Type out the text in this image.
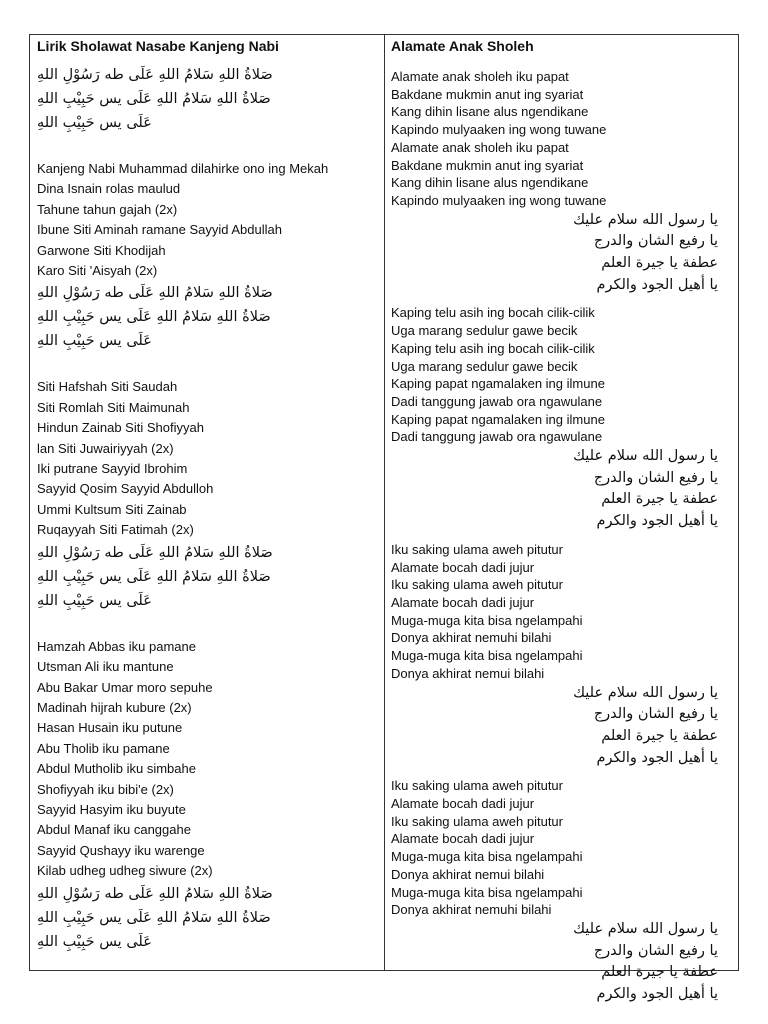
Lirik Sholawat Nasabe Kanjeng Nabi
صَلاةُ اللهِ سَلامُ اللهِ عَلَى طه رَسُوْلِ اللهِ
صَلاةُ اللهِ سَلامُ اللهِ عَلَى يس حَبِيْبِ اللهِ
عَلَى يس حَبِيْبِ اللهِ
Kanjeng Nabi Muhammad dilahirke ono ing Mekah
Dina Isnain rolas maulud
Tahune tahun gajah (2x)
Ibune Siti Aminah ramane Sayyid Abdullah
Garwone Siti Khodijah
Karo Siti 'Aisyah (2x)
صَلاةُ اللهِ سَلامُ اللهِ عَلَى طه رَسُوْلِ اللهِ
صَلاةُ اللهِ سَلامُ اللهِ عَلَى يس حَبِيْبِ اللهِ
عَلَى يس حَبِيْبِ اللهِ
Siti Hafshah Siti Saudah
Siti Romlah Siti Maimunah
Hindun Zainab Siti Shofiyyah
lan Siti Juwairiyyah (2x)
Iki putrane Sayyid Ibrohim
Sayyid Qosim Sayyid Abdulloh
Ummi Kultsum Siti Zainab
Ruqayyah Siti Fatimah (2x)
صَلاةُ اللهِ سَلامُ اللهِ عَلَى طه رَسُوْلِ اللهِ
صَلاةُ اللهِ سَلامُ اللهِ عَلَى يس حَبِيْبِ اللهِ
عَلَى يس حَبِيْبِ اللهِ
Hamzah Abbas iku pamane
Utsman Ali iku mantune
Abu Bakar Umar moro sepuhe
Madinah hijrah kubure (2x)
Hasan Husain iku putune
Abu Tholib iku pamane
Abdul Mutholib iku simbahe
Shofiyyah iku bibi'e (2x)
Sayyid Hasyim iku buyute
Abdul Manaf iku canggahe
Sayyid Qushayy iku warenge
Kilab udheg udheg siwure (2x)
صَلاةُ اللهِ سَلامُ اللهِ عَلَى طه رَسُوْلِ اللهِ
صَلاةُ اللهِ سَلامُ اللهِ عَلَى يس حَبِيْبِ اللهِ
عَلَى يس حَبِيْبِ اللهِ
Alamate Anak Sholeh
Alamate anak sholeh iku papat
Bakdane mukmin anut ing syariat
Kang dihin lisane alus ngendikane
Kapindo mulyaaken ing wong tuwane
Alamate anak sholeh iku papat
Bakdane mukmin anut ing syariat
Kang dihin lisane alus ngendikane
Kapindo mulyaaken ing wong tuwane
يا رسول الله سلام عليك
يا رفيع الشان والدرج
عطفة يا جيرة العلم
يا أهيل الجود والكرم
Kaping telu asih ing bocah cilik-cilik
Uga marang sedulur gawe becik
Kaping telu asih ing bocah cilik-cilik
Uga marang sedulur gawe becik
Kaping papat ngamalaken ing ilmune
Dadi tanggung jawab ora ngawulane
Kaping papat ngamalaken ing ilmune
Dadi tanggung jawab ora ngawulane
يا رسول الله سلام عليك
يا رفيع الشان والدرج
عطفة يا جيرة العلم
يا أهيل الجود والكرم
Iku saking ulama aweh pitutur
Alamate bocah dadi jujur
Iku saking ulama aweh pitutur
Alamate bocah dadi jujur
Muga-muga kita bisa ngelampahi
Donya akhirat nemuhi bilahi
Muga-muga kita bisa ngelampahi
Donya akhirat nemui bilahi
يا رسول الله سلام عليك
يا رفيع الشان والدرج
عطفة يا جيرة العلم
يا أهيل الجود والكرم
Iku saking ulama aweh pitutur
Alamate bocah dadi jujur
Iku saking ulama aweh pitutur
Alamate bocah dadi jujur
Muga-muga kita bisa ngelampahi
Donya akhirat nemui bilahi
Muga-muga kita bisa ngelampahi
Donya akhirat nemuhi bilahi
يا رسول الله سلام عليك
يا رفيع الشان والدرج
عطفة يا جيرة العلم
يا أهيل الجود والكرم
